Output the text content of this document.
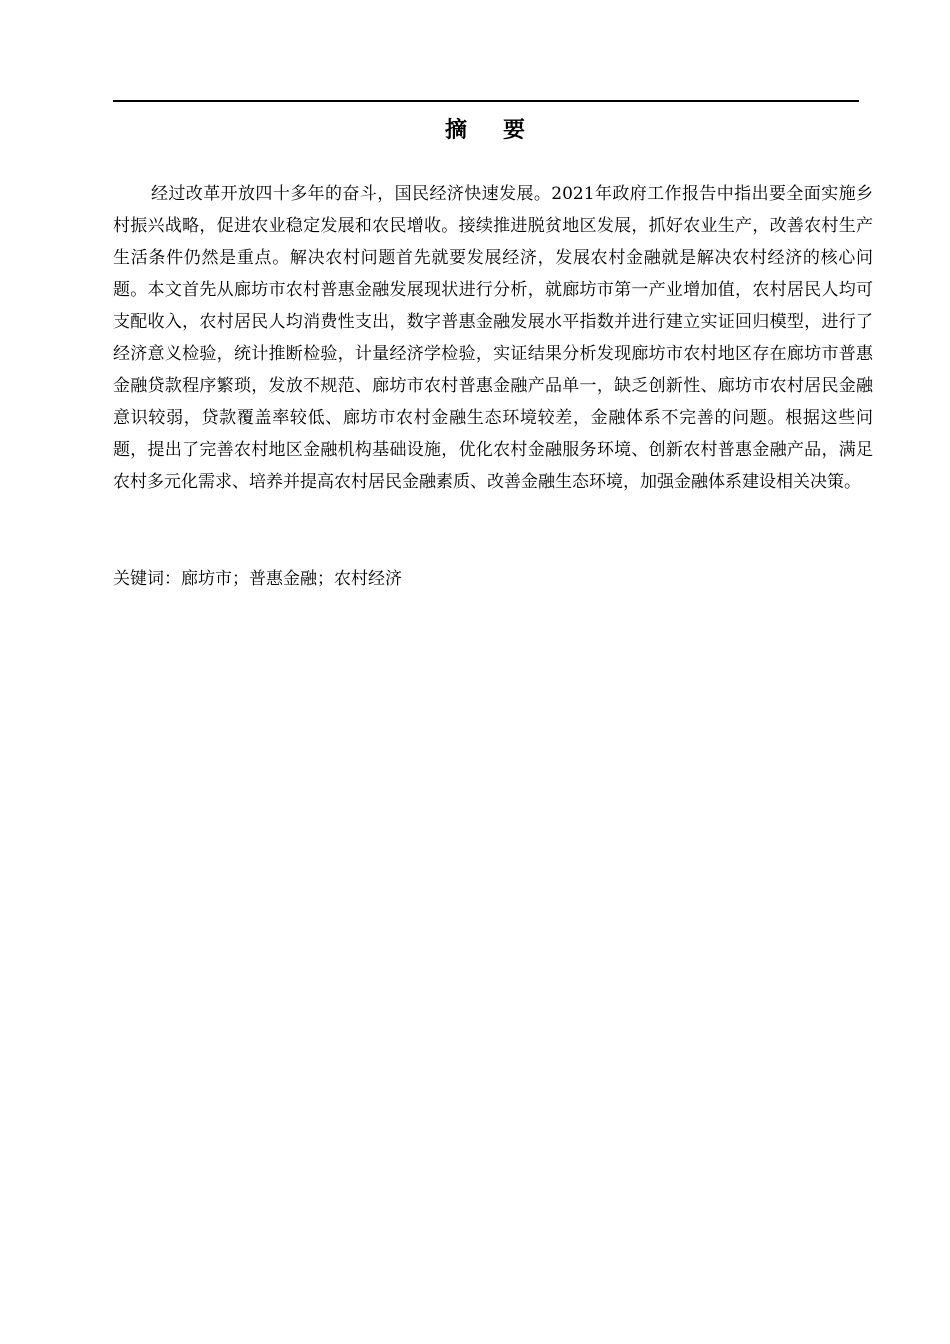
摘 要

经过改革开放四十多年的奋斗，国民经济快速发展。2021年政府工作报告中指出要全面实施乡村振兴战略，促进农业稳定发展和农民增收。接续推进脱贫地区发展，抓好农业生产，改善农村生产生活条件仍然是重点。解决农村问题首先就要发展经济，发展农村金融就是解决农村经济的核心问题。本文首先从廊坊市农村普惠金融发展现状进行分析，就廊坊市第一产业增加值，农村居民人均可支配收入，农村居民人均消费性支出，数字普惠金融发展水平指数并进行建立实证回归模型，进行了经济意义检验，统计推断检验，计量经济学检验，实证结果分析发现廊坊市农村地区存在廊坊市普惠金融贷款程序繁琐，发放不规范、廊坊市农村普惠金融产品单一，缺乏创新性、廊坊市农村居民金融意识较弱，贷款覆盖率较低、廊坊市农村金融生态环境较差，金融体系不完善的问题。根据这些问题，提出了完善农村地区金融机构基础设施，优化农村金融服务环境、创新农村普惠金融产品，满足农村多元化需求、培养并提高农村居民金融素质、改善金融生态环境，加强金融体系建设相关决策。

关键词：廊坊市；普惠金融；农村经济
